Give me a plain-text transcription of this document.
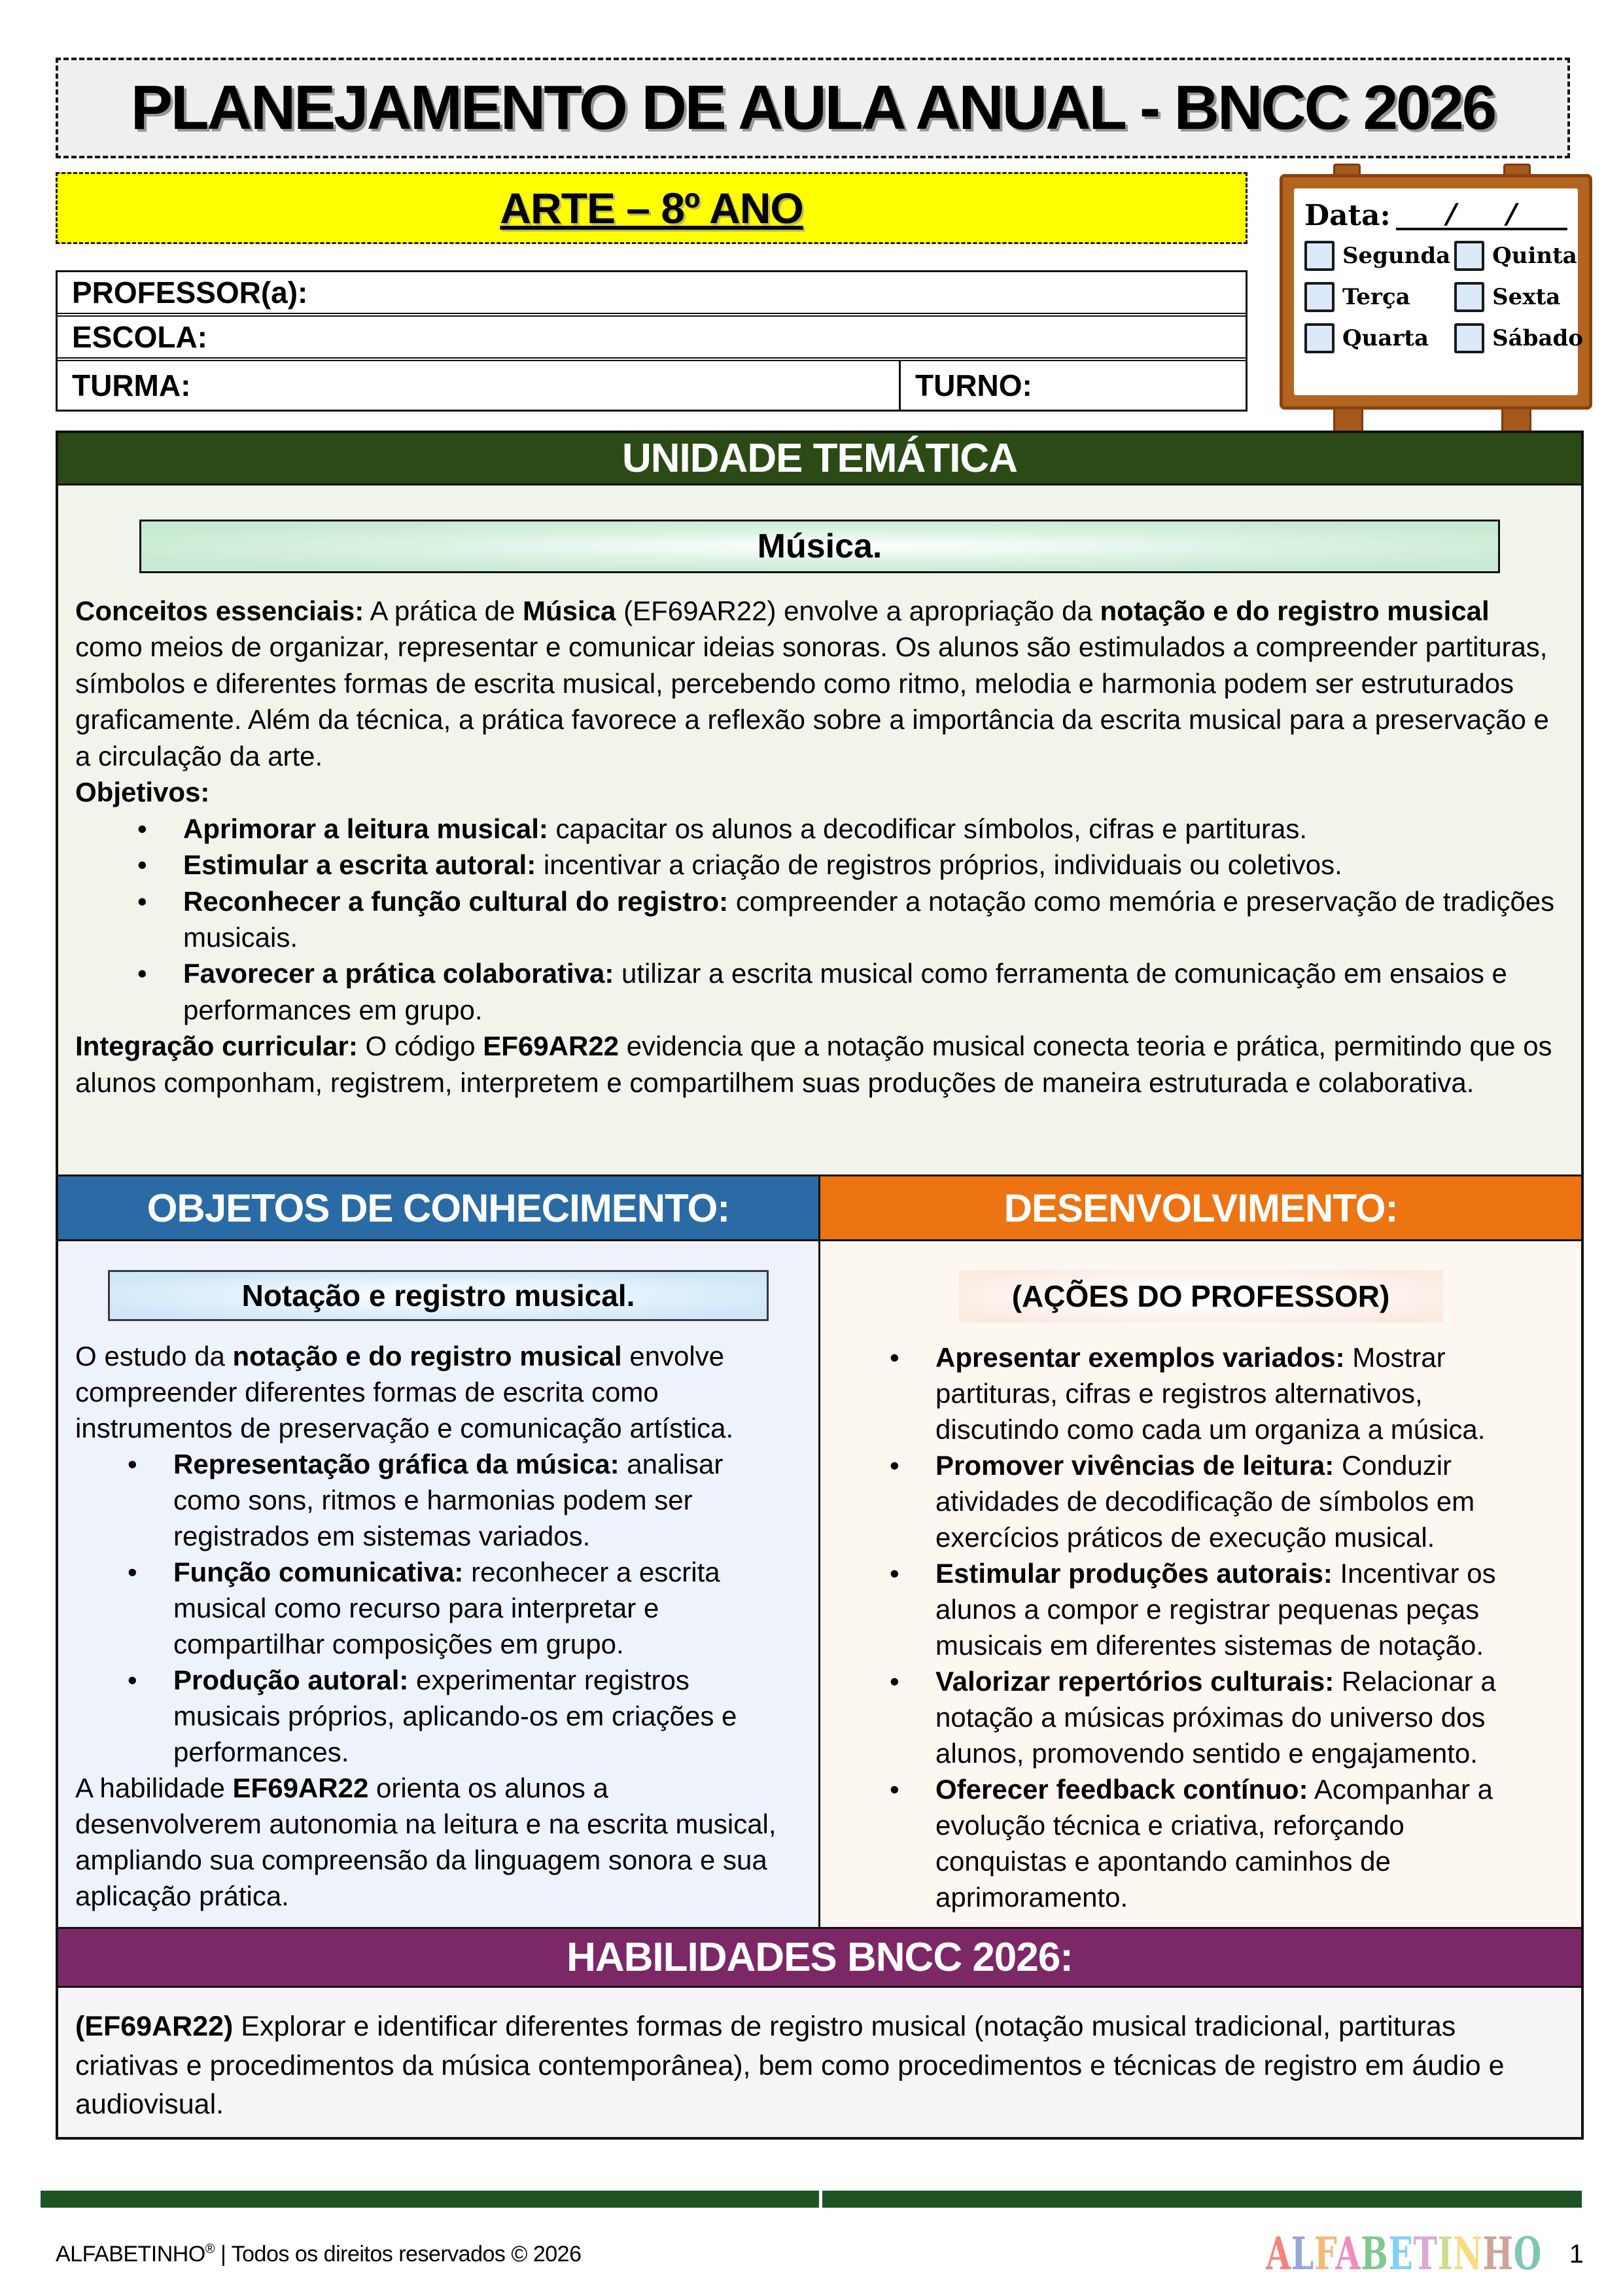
PLANEJAMENTO DE AULA ANUAL - BNCC 2026
ARTE – 8º ANO	Data: / /
Segunda Quinta
Terça	Sexta
Quarta	Sábado
PROFESSOR(a):
ESCOLA:
TURMA:	TURNO:
UNIDADE TEMÁTICA
Música.

Conceitos essenciais: A prática de Música (EF69AR22) envolve a apropriação da notação e do registro musical como meios de organizar, representar e comunicar ideias sonoras. Os alunos são estimulados a compreender partituras, símbolos e diferentes formas de escrita musical, percebendo como ritmo, melodia e harmonia podem ser estruturados graficamente. Além da técnica, a prática favorece a reflexão sobre a importância da escrita musical para a preservação e a circulação da arte.

Objetivos:

• Aprimorar a leitura musical: capacitar os alunos a decodificar símbolos, cifras e partituras.
• Estimular a escrita autoral: incentivar a criação de registros próprios, individuais ou coletivos.
• Reconhecer a função cultural do registro: compreender a notação como memória e preservação de tradições musicais.
• Favorecer a prática colaborativa: utilizar a escrita musical como ferramenta de comunicação em ensaios e performances em grupo.

Integração curricular: O código EF69AR22 evidencia que a notação musical conecta teoria e prática, permitindo que os alunos componham, registrem, interpretem e compartilhem suas produções de maneira estruturada e colaborativa.

OBJETOS DE CONHECIMENTO:	DESENVOLVIMENTO:
Notação e registro musical.

O estudo da notação e do registro musical envolve compreender diferentes formas de escrita como instrumentos de preservação e comunicação artística.

• Representação gráfica da música: analisar como sons, ritmos e harmonias podem ser registrados em sistemas variados.
• Função comunicativa: reconhecer a escrita musical como recurso para interpretar e compartilhar composições em grupo.
• Produção autoral: experimentar registros musicais próprios, aplicando-os em criações e performances.

A habilidade EF69AR22 orienta os alunos a desenvolverem autonomia na leitura e na escrita musical, ampliando sua compreensão da linguagem sonora e sua aplicação prática.

(AÇÕES DO PROFESSOR)
• Apresentar exemplos variados: Mostrar partituras, cifras e registros alternativos, discutindo como cada um organiza a música.
• Promover vivências de leitura: Conduzir atividades de decodificação de símbolos em exercícios práticos de execução musical.
• Estimular produções autorais: Incentivar os alunos a compor e registrar pequenas peças musicais em diferentes sistemas de notação.
• Valorizar repertórios culturais: Relacionar a notação a músicas próximas do universo dos alunos, promovendo sentido e engajamento.
• Oferecer feedback contínuo: Acompanhar a evolução técnica e criativa, reforçando conquistas e apontando caminhos de aprimoramento.
HABILIDADES BNCC 2026:

(EF69AR22) Explorar e identificar diferentes formas de registro musical (notação musical tradicional, partituras criativas e procedimentos da música contemporânea), bem como procedimentos e técnicas de registro em áudio e audiovisual.

ALFABETINHO® | Todos os direitos reservados © 2026	ALFABETINHO 1
